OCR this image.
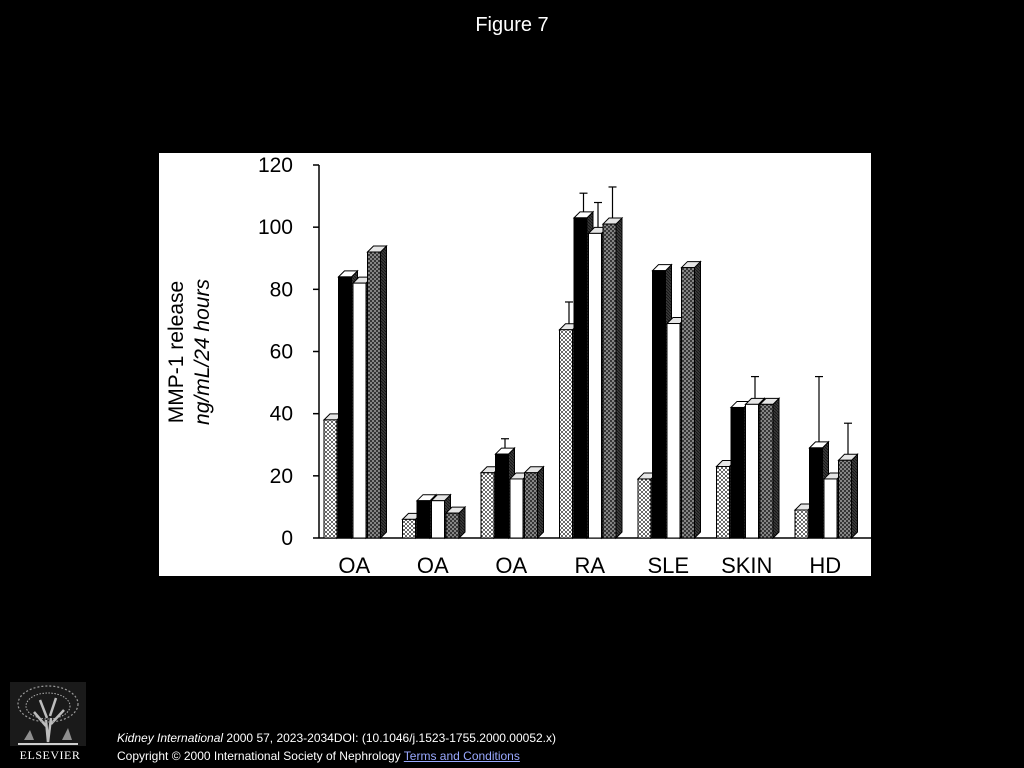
Figure 7
0
20
40
60
80
100
120
MMP-1 release ng/mL/24 hours
OA OA OA RA SLE SKIN HD
ELSEVIER
Kidney International 2000 57, 2023-2034DOI: (10.1046/j.1523-1755.2000.00052.x)
Copyright © 2000 International Society of Nephrology Terms and Conditions
